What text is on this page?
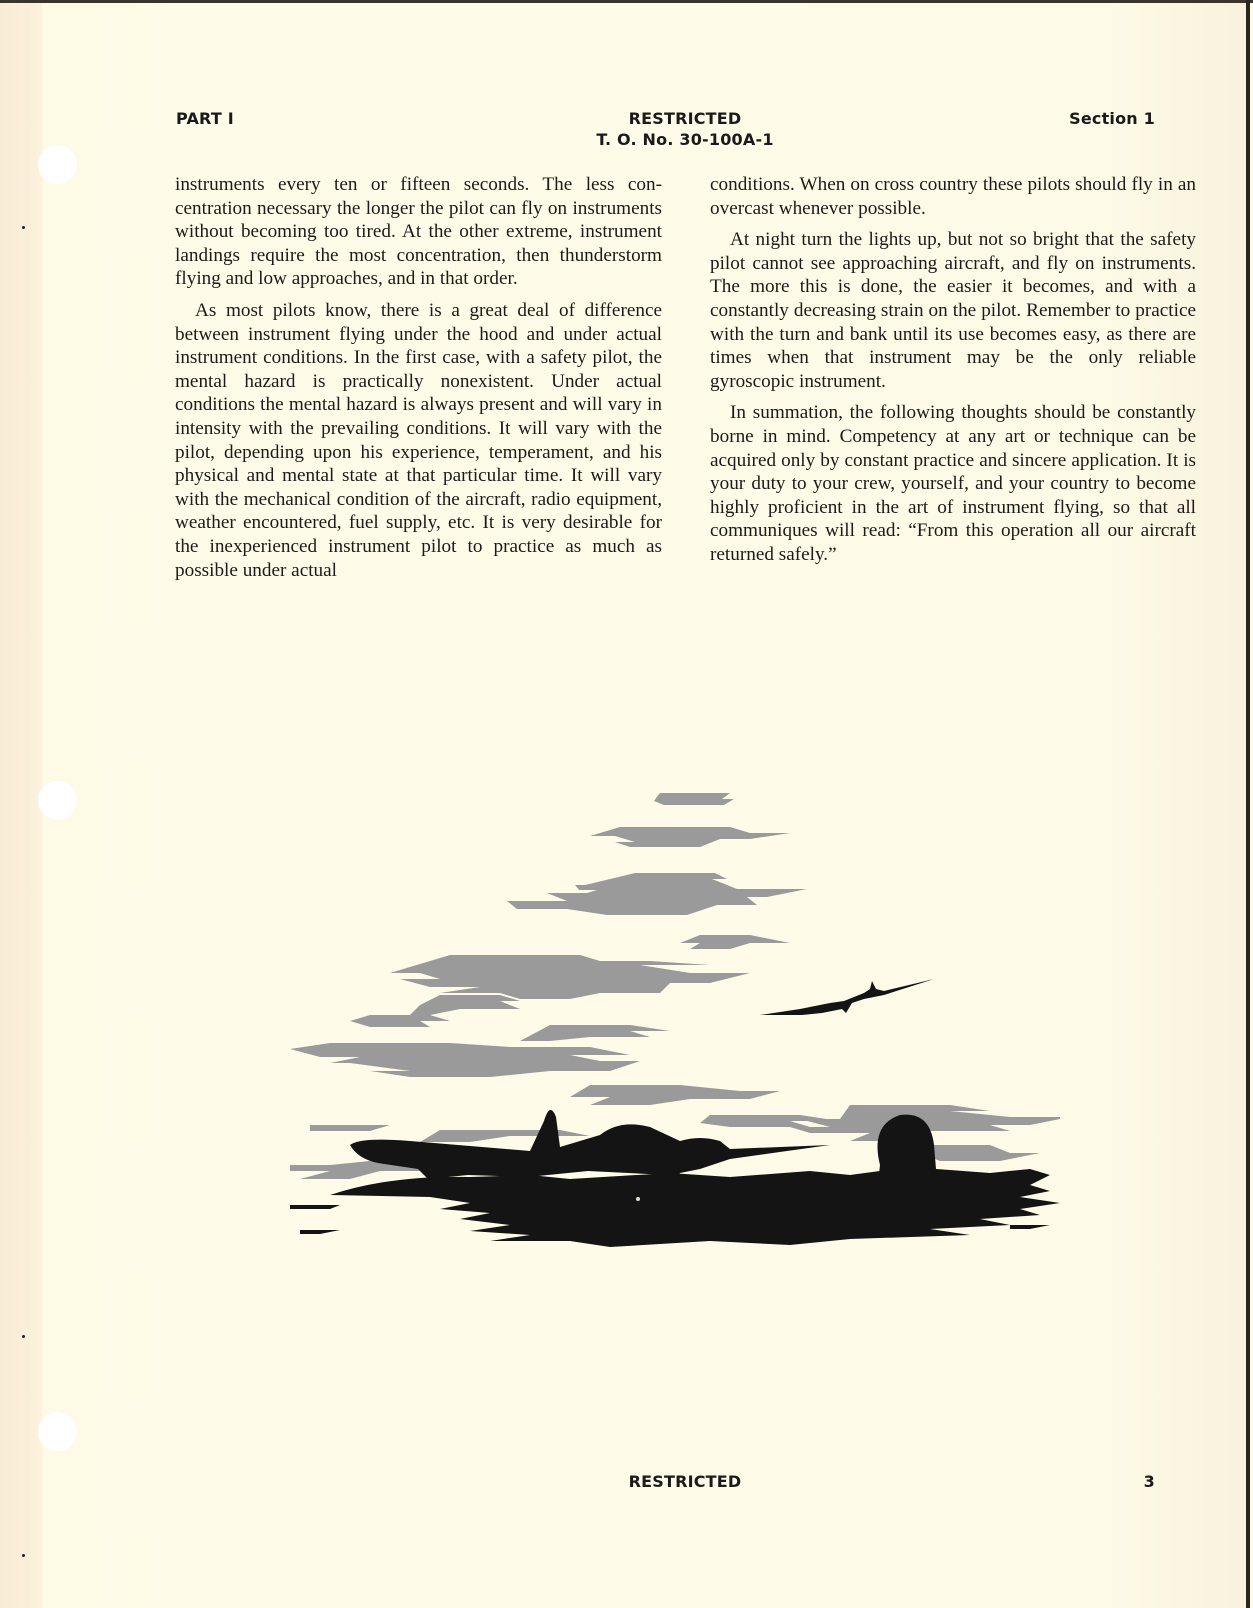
PART I	RESTRICTED
T. O. No. 30-100A-1
Section 1

instruments every ten or fifteen seconds. The less concentration necessary the longer the pilot can fly on instruments without becoming too tired. At the other extreme, instrument landings require the most concentration, then thunderstorm flying and low approaches, and in that order.

As most pilots know, there is a great deal of difference between instrument flying under the hood and under actual instrument conditions. In the first case, with a safety pilot, the mental hazard is practically nonexistent. Under actual conditions the mental hazard is always present and will vary in intensity with the prevailing conditions. It will vary with the pilot, depending upon his experience, temperament, and his physical and mental state at that particular time. It will vary with the mechanical condition of the aircraft, radio equipment, weather encountered, fuel supply, etc. It is very desirable for the inexperienced instrument pilot to practice as much as possible under actual

conditions. When on cross country these pilots should fly in an overcast whenever possible.

At night turn the lights up, but not so bright that the safety pilot cannot see approaching aircraft, and fly on instruments. The more this is done, the easier it becomes, and with a constantly decreasing strain on the pilot. Remember to practice with the turn and bank until its use becomes easy, as there are times when that instrument may be the only reliable gyroscopic instrument.

In summation, the following thoughts should be constantly borne in mind. Competency at any art or technique can be acquired only by constant practice and sincere application. It is your duty to your crew, yourself, and your country to become highly proficient in the art of instrument flying, so that all communiques will read: “From this operation all our aircraft returned safely.”

RESTRICTED	3
